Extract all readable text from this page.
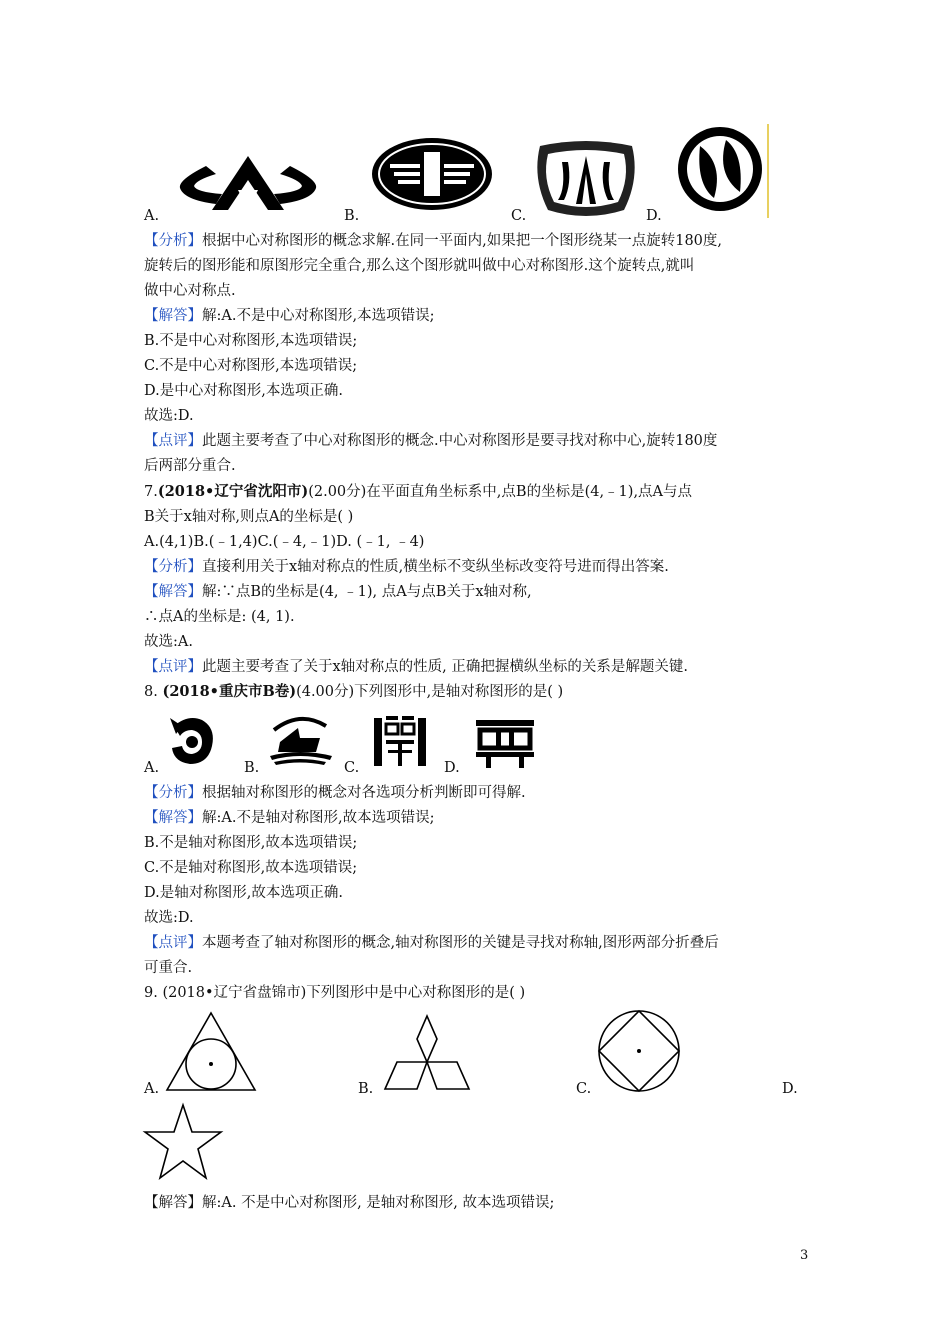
A.	B.	C.	D.
【分析】根据中心对称图形的概念求解.在同一平面内,如果把一个图形绕某一点旋转180度,
旋转后的图形能和原图形完全重合,那么这个图形就叫做中心对称图形.这个旋转点,就叫
做中心对称点.
【解答】解:A.不是中心对称图形,本选项错误;
B.不是中心对称图形,本选项错误;
C.不是中心对称图形,本选项错误;
D.是中心对称图形,本选项正确.
故选:D.
【点评】此题主要考查了中心对称图形的概念.中心对称图形是要寻找对称中心,旋转180度
后两部分重合.
7.(2018•辽宁省沈阳市)(2.00分)在平面直角坐标系中,点B的坐标是(4,﹣1),点A与点
B关于x轴对称,则点A的坐标是( )
A.(4,1)B.(﹣1,4)C.(﹣4,﹣1)D. (﹣1, ﹣4)
【分析】直接利用关于x轴对称点的性质,横坐标不变纵坐标改变符号进而得出答案.
【解答】解:∵点B的坐标是(4, ﹣1), 点A与点B关于x轴对称,
∴点A的坐标是: (4, 1).
故选:A.
【点评】此题主要考查了关于x轴对称点的性质, 正确把握横纵坐标的关系是解题关键.
8. (2018•重庆市B卷)(4.00分)下列图形中,是轴对称图形的是( )
A.	B.	C.	D.
【分析】根据轴对称图形的概念对各选项分析判断即可得解.
【解答】解:A.不是轴对称图形,故本选项错误;
B.不是轴对称图形,故本选项错误;
C.不是轴对称图形,故本选项错误;
D.是轴对称图形,故本选项正确.
故选:D.
【点评】本题考查了轴对称图形的概念,轴对称图形的关键是寻找对称轴,图形两部分折叠后
可重合.
9. (2018•辽宁省盘锦市)下列图形中是中心对称图形的是( )
A.	B.	C.	D.
【解答】解:A. 不是中心对称图形, 是轴对称图形, 故本选项错误;
3
